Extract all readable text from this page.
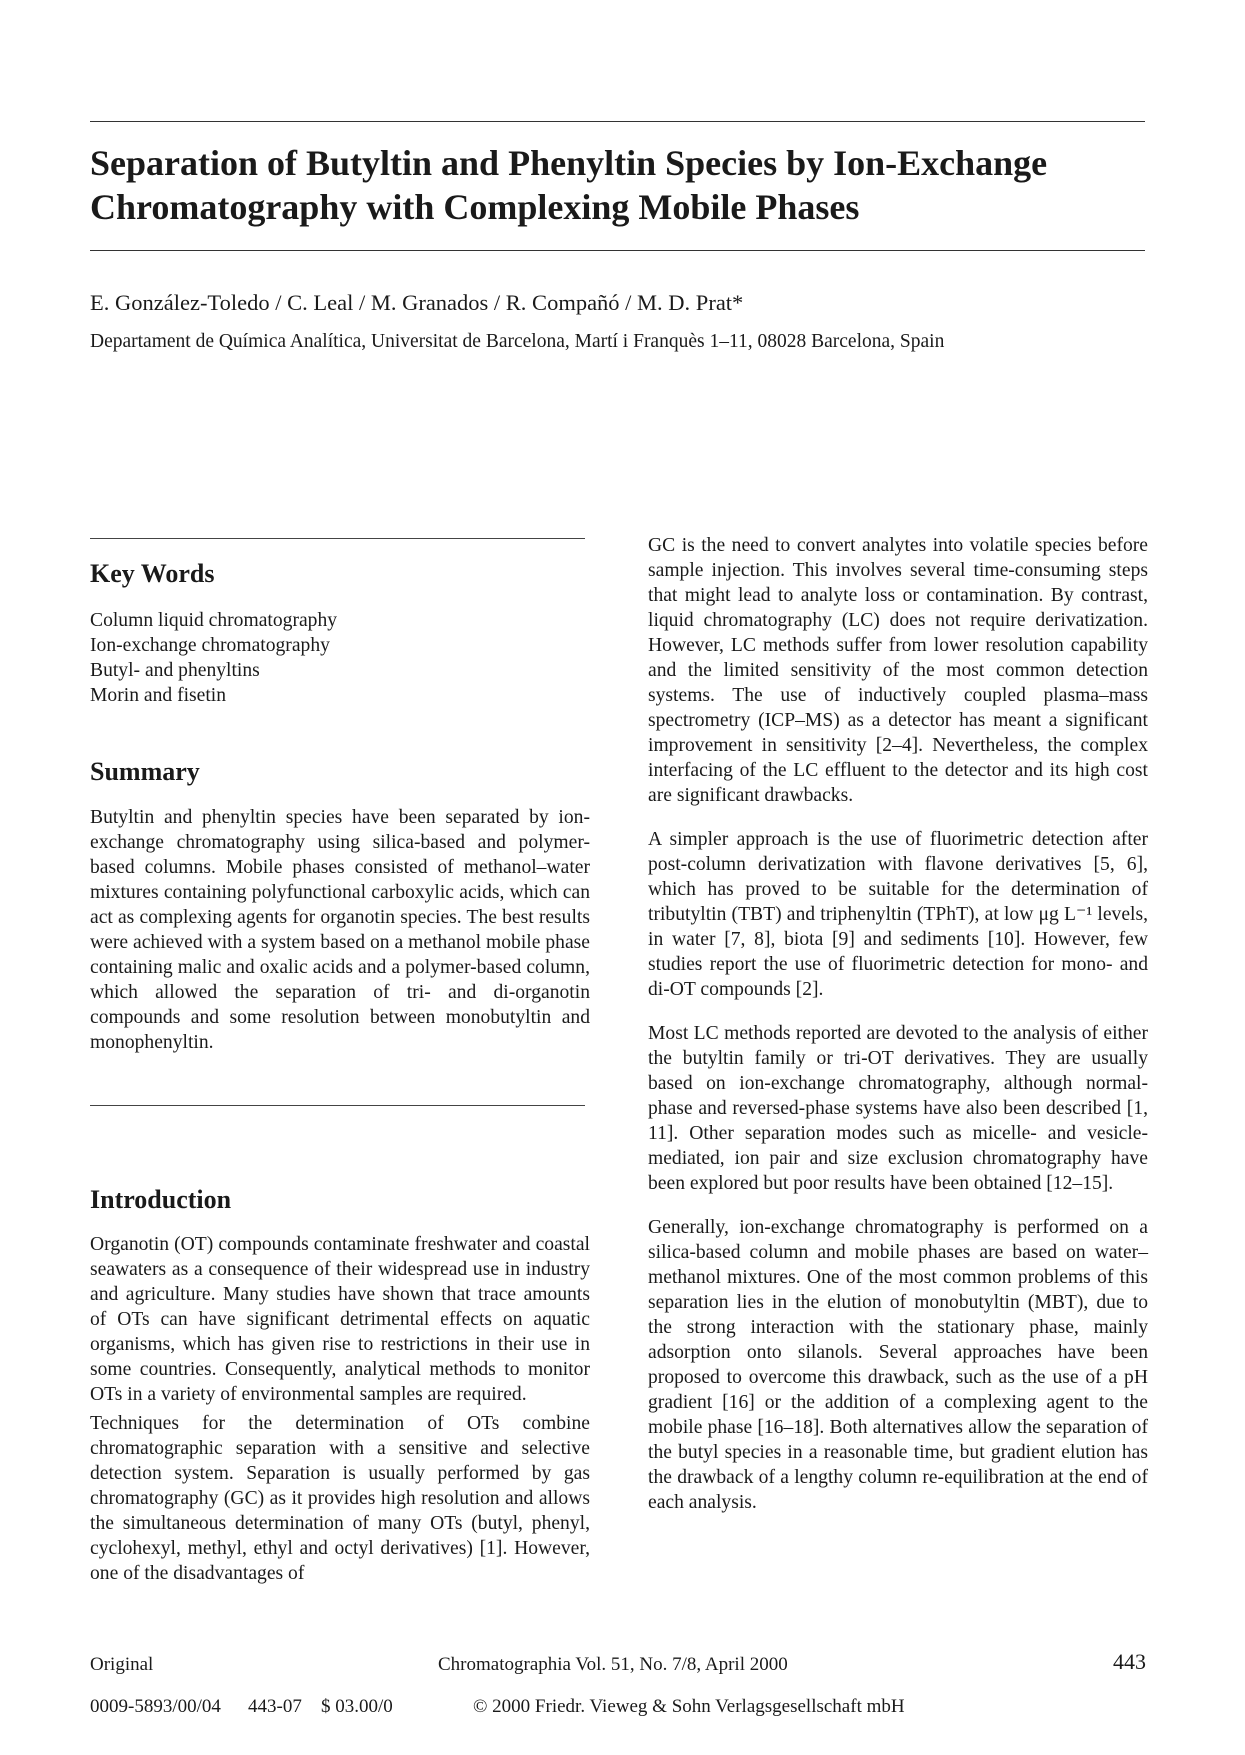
Separation of Butyltin and Phenyltin Species by Ion-Exchange Chromatography with Complexing Mobile Phases

E. González-Toledo / C. Leal / M. Granados / R. Compañó / M. D. Prat*

Departament de Química Analítica, Universitat de Barcelona, Martí i Franquès 1–11, 08028 Barcelona, Spain

Key Words
Column liquid chromatography
Ion-exchange chromatography
Butyl- and phenyltins
Morin and fisetin
Summary

Butyltin and phenyltin species have been separated by ion-exchange chromatography using silica-based and polymer-based columns. Mobile phases consisted of methanol–water mixtures containing polyfunctional carboxylic acids, which can act as complexing agents for organotin species. The best results were achieved with a system based on a methanol mobile phase containing malic and oxalic acids and a polymer-based column, which allowed the separation of tri- and di-organotin compounds and some resolution between monobutyltin and monophenyltin.

Introduction

Organotin (OT) compounds contaminate freshwater and coastal seawaters as a consequence of their widespread use in industry and agriculture. Many studies have shown that trace amounts of OTs can have significant detrimental effects on aquatic organisms, which has given rise to restrictions in their use in some countries. Consequently, analytical methods to monitor OTs in a variety of environmental samples are required.

Techniques for the determination of OTs combine chromatographic separation with a sensitive and selective detection system. Separation is usually performed by gas chromatography (GC) as it provides high resolution and allows the simultaneous determination of many OTs (butyl, phenyl, cyclohexyl, methyl, ethyl and octyl derivatives) [1]. However, one of the disadvantages of

GC is the need to convert analytes into volatile species before sample injection. This involves several time-consuming steps that might lead to analyte loss or contamination. By contrast, liquid chromatography (LC) does not require derivatization. However, LC methods suffer from lower resolution capability and the limited sensitivity of the most common detection systems. The use of inductively coupled plasma–mass spectrometry (ICP–MS) as a detector has meant a significant improvement in sensitivity [2–4]. Nevertheless, the complex interfacing of the LC effluent to the detector and its high cost are significant drawbacks.

A simpler approach is the use of fluorimetric detection after post-column derivatization with flavone derivatives [5, 6], which has proved to be suitable for the determination of tributyltin (TBT) and triphenyltin (TPhT), at low μg L⁻¹ levels, in water [7, 8], biota [9] and sediments [10]. However, few studies report the use of fluorimetric detection for mono- and di-OT compounds [2].

Most LC methods reported are devoted to the analysis of either the butyltin family or tri-OT derivatives. They are usually based on ion-exchange chromatography, although normal-phase and reversed-phase systems have also been described [1, 11]. Other separation modes such as micelle- and vesicle-mediated, ion pair and size exclusion chromatography have been explored but poor results have been obtained [12–15].

Generally, ion-exchange chromatography is performed on a silica-based column and mobile phases are based on water–methanol mixtures. One of the most common problems of this separation lies in the elution of monobutyltin (MBT), due to the strong interaction with the stationary phase, mainly adsorption onto silanols. Several approaches have been proposed to overcome this drawback, such as the use of a pH gradient [16] or the addition of a complexing agent to the mobile phase [16–18]. Both alternatives allow the separation of the butyl species in a reasonable time, but gradient elution has the drawback of a lengthy column re-equilibration at the end of each analysis.

Original	Chromatographia Vol. 51, No. 7/8, April 2000	443

0009-5893/00/04 443-07 $ 03.00/0	© 2000 Friedr. Vieweg & Sohn Verlagsgesellschaft mbH
